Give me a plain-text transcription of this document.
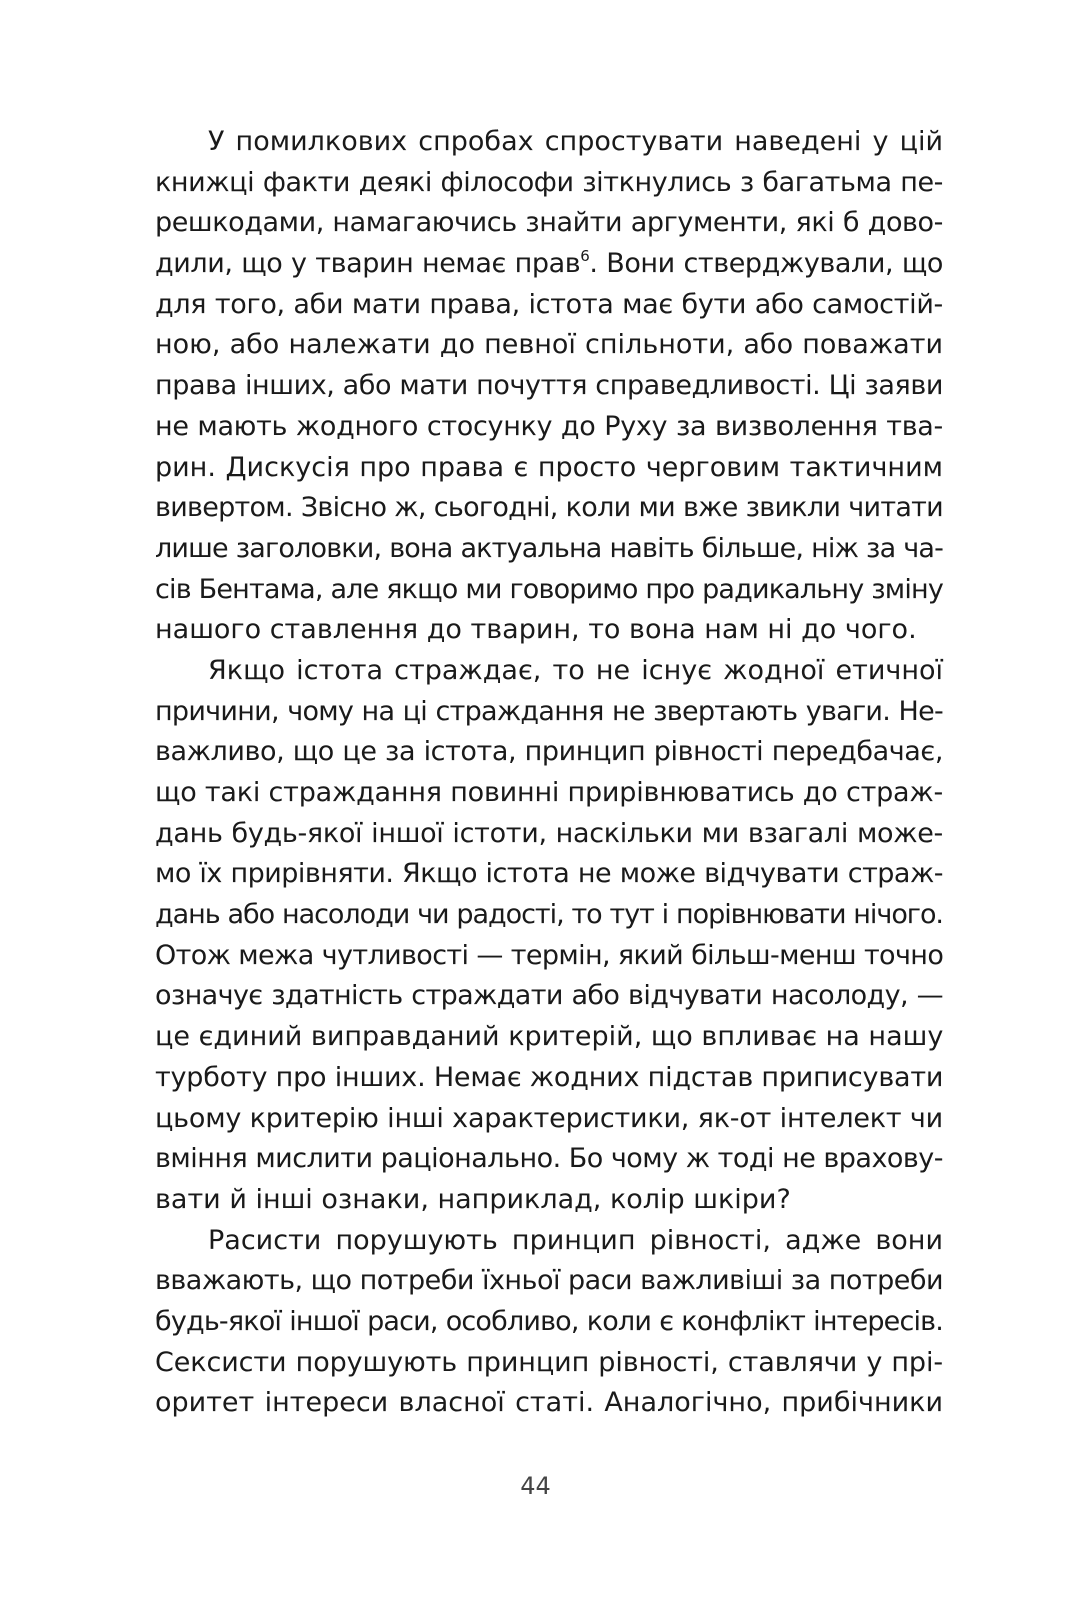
У помилкових спробах спростувати наведені у цій
книжці факти деякі філософи зіткнулись з багатьма пе-
решкодами, намагаючись знайти аргументи, які б дово-
дили, що у тварин немає прав$^6$. Вони стверджували, що
для того, аби мати права, істота має бути або самостій-
ною, або належати до певної спільноти, або поважати
права інших, або мати почуття справедливості. Ці заяви
не мають жодного стосунку до Руху за визволення тва-
рин. Дискусія про права є просто черговим тактичним
вивертом. Звісно ж, сьогодні, коли ми вже звикли читати
лише заголовки, вона актуальна навіть більше, ніж за ча-
сів Бентама, але якщо ми говоримо про радикальну зміну
нашого ставлення до тварин, то вона нам ні до чого.
Якщо істота страждає, то не існує жодної етичної
причини, чому на ці страждання не звертають уваги. Не-
важливо, що це за істота, принцип рівності передбачає,
що такі страждання повинні прирівнюватись до страж-
дань будь-якої іншої істоти, наскільки ми взагалі може-
мо їх прирівняти. Якщо істота не може відчувати страж-
дань або насолоди чи радості, то тут і порівнювати нічого.
Отож межа чутливості — термін, який більш-менш точно
означує здатність страждати або відчувати насолоду, —
це єдиний виправданий критерій, що впливає на нашу
турботу про інших. Немає жодних підстав приписувати
цьому критерію інші характеристики, як-от інтелект чи
вміння мислити раціонально. Бо чому ж тоді не врахову-
вати й інші ознаки, наприклад, колір шкіри?
Расисти порушують принцип рівності, адже вони
вважають, що потреби їхньої раси важливіші за потреби
будь-якої іншої раси, особливо, коли є конфлікт інтересів.
Сексисти порушують принцип рівності, ставлячи у прі-
оритет інтереси власної статі. Аналогічно, прибічники
44
